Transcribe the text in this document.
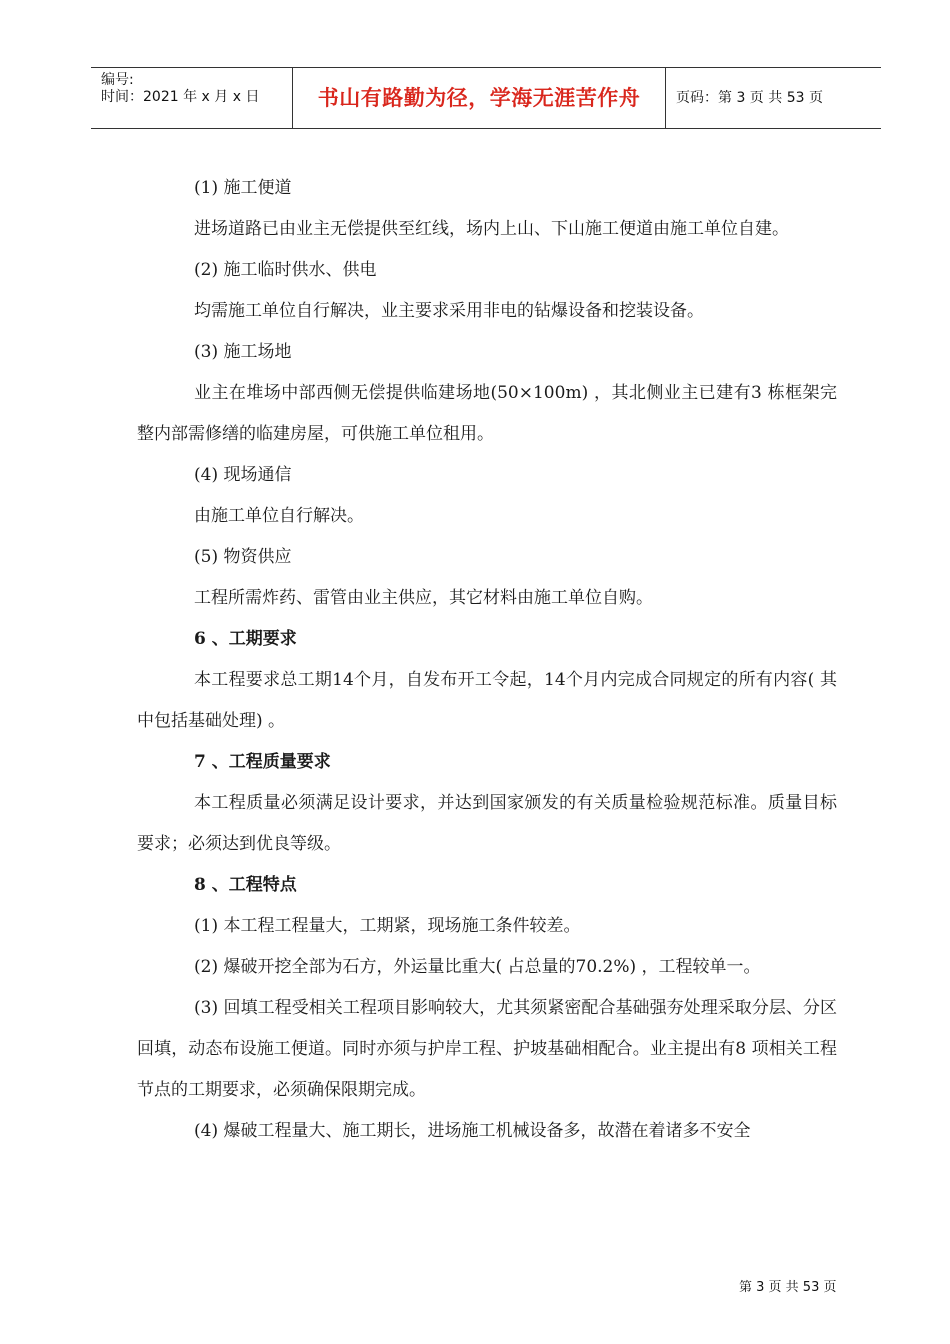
编号:
时间：2021 年 x 月 x 日	书山有路勤为径，学海无涯苦作舟	页码：第 3 页 共 53 页

(1) 施工便道

进场道路已由业主无偿提供至红线，场内上山、下山施工便道由施工单位自建。

(2) 施工临时供水、供电

均需施工单位自行解决，业主要求采用非电的钻爆设备和挖装设备。

(3) 施工场地

业主在堆场中部西侧无偿提供临建场地(50×100m) ，其北侧业主已建有3 栋框架完整内部需修缮的临建房屋，可供施工单位租用。

(4) 现场通信

由施工单位自行解决。

(5) 物资供应

工程所需炸药、雷管由业主供应，其它材料由施工单位自购。

6 、工期要求

本工程要求总工期14个月，自发布开工令起，14个月内完成合同规定的所有内容( 其中包括基础处理) 。

7 、工程质量要求

本工程质量必须满足设计要求，并达到国家颁发的有关质量检验规范标准。质量目标要求；必须达到优良等级。

8 、工程特点

(1) 本工程工程量大，工期紧，现场施工条件较差。

(2) 爆破开挖全部为石方，外运量比重大( 占总量的70.2%) ，工程较单一。

(3) 回填工程受相关工程项目影响较大，尤其须紧密配合基础强夯处理采取分层、分区回填，动态布设施工便道。同时亦须与护岸工程、护坡基础相配合。业主提出有8 项相关工程节点的工期要求，必须确保限期完成。

(4) 爆破工程量大、施工期长，进场施工机械设备多，故潜在着诸多不安全

第 3 页 共 53 页
